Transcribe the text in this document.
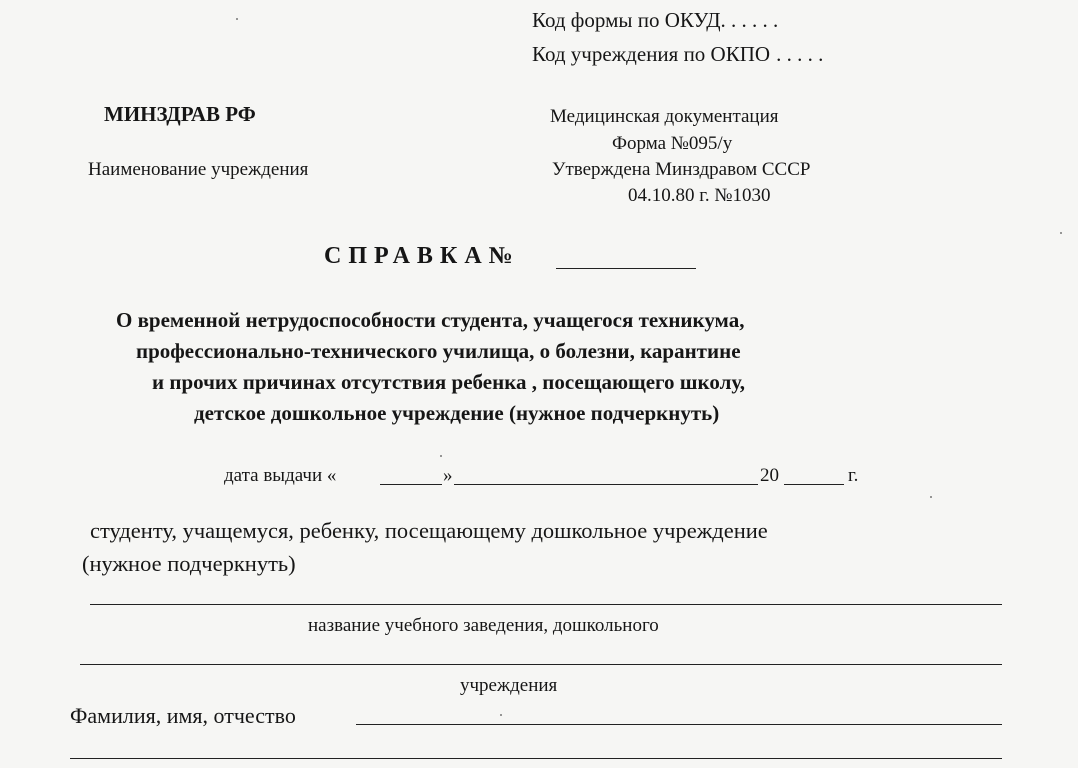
Код формы по ОКУД. . . . . .
Код учреждения по ОКПО . . . . .
МИНЗДРАВ РФ
Наименование учреждения
Медицинская документация
Форма №095/у
Утверждена Минздравом СССР
04.10.80 г. №1030
СПРАВКА№
О временной нетрудоспособности студента, учащегося техникума,
профессионально-технического училища, о болезни, карантине
и прочих причинах отсутствия ребенка , посещающего школу,
детское дошкольное учреждение (нужное подчеркнуть)
дата выдачи «	»	20	г.
студенту, учащемуся, ребенку, посещающему дошкольное учреждение
(нужное подчеркнуть)
название учебного заведения, дошкольного
учреждения
Фамилия, имя, отчество
